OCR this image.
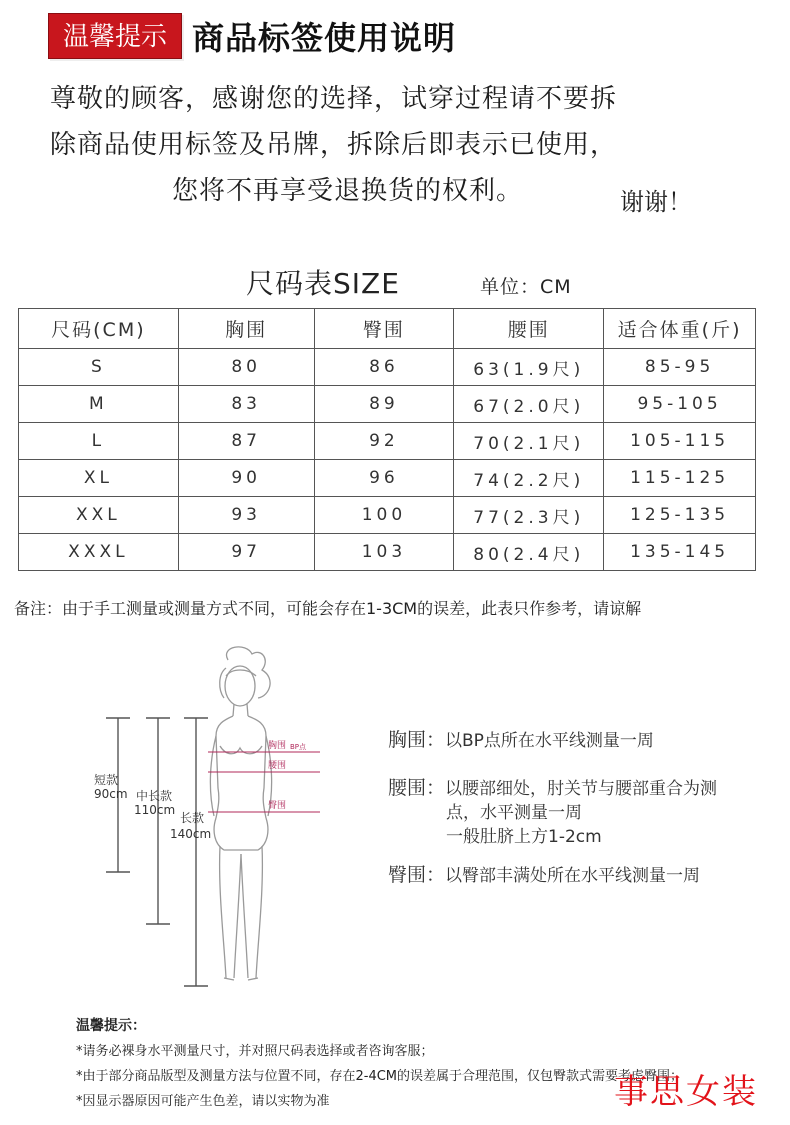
温馨提示 商品标签使用说明
尊敬的顾客，感谢您的选择，试穿过程请不要拆
除商品使用标签及吊牌，拆除后即表示已使用，
您将不再享受退换货的权利。	谢谢！
尺码表SIZE	单位：CM
尺码(CM)	胸围	臀围	腰围	适合体重(斤)
S	80	86	63(1.9尺)	85-95
M	83	89	67(2.0尺)	95-105
L	87	92	70(2.1尺)	105-115
XL	90	96	74(2.2尺)	115-125
XXL	93	100	77(2.3尺)	125-135
XXXL	97	103	80(2.4尺)	135-145
备注：由于手工测量或测量方式不同，可能会存在1-3CM的误差，此表只作参考，请谅解
胸围 BP点
腰围
臀围
短款
90cm 中长款
110cm
长款
140cm
胸围：以BP点所在水平线测量一周
腰围：以腰部细处，肘关节与腰部重合为测
点，水平测量一周
一般肚脐上方1-2cm
臀围：以臀部丰满处所在水平线测量一周
温馨提示：
*请务必裸身水平测量尺寸，并对照尺码表选择或者咨询客服；
*由于部分商品版型及测量方法与位置不同，存在2-4CM的误差属于合理范围，仅包臀款式需要考虑臀围；
*因显示器原因可能产生色差，请以实物为准	事思女装
